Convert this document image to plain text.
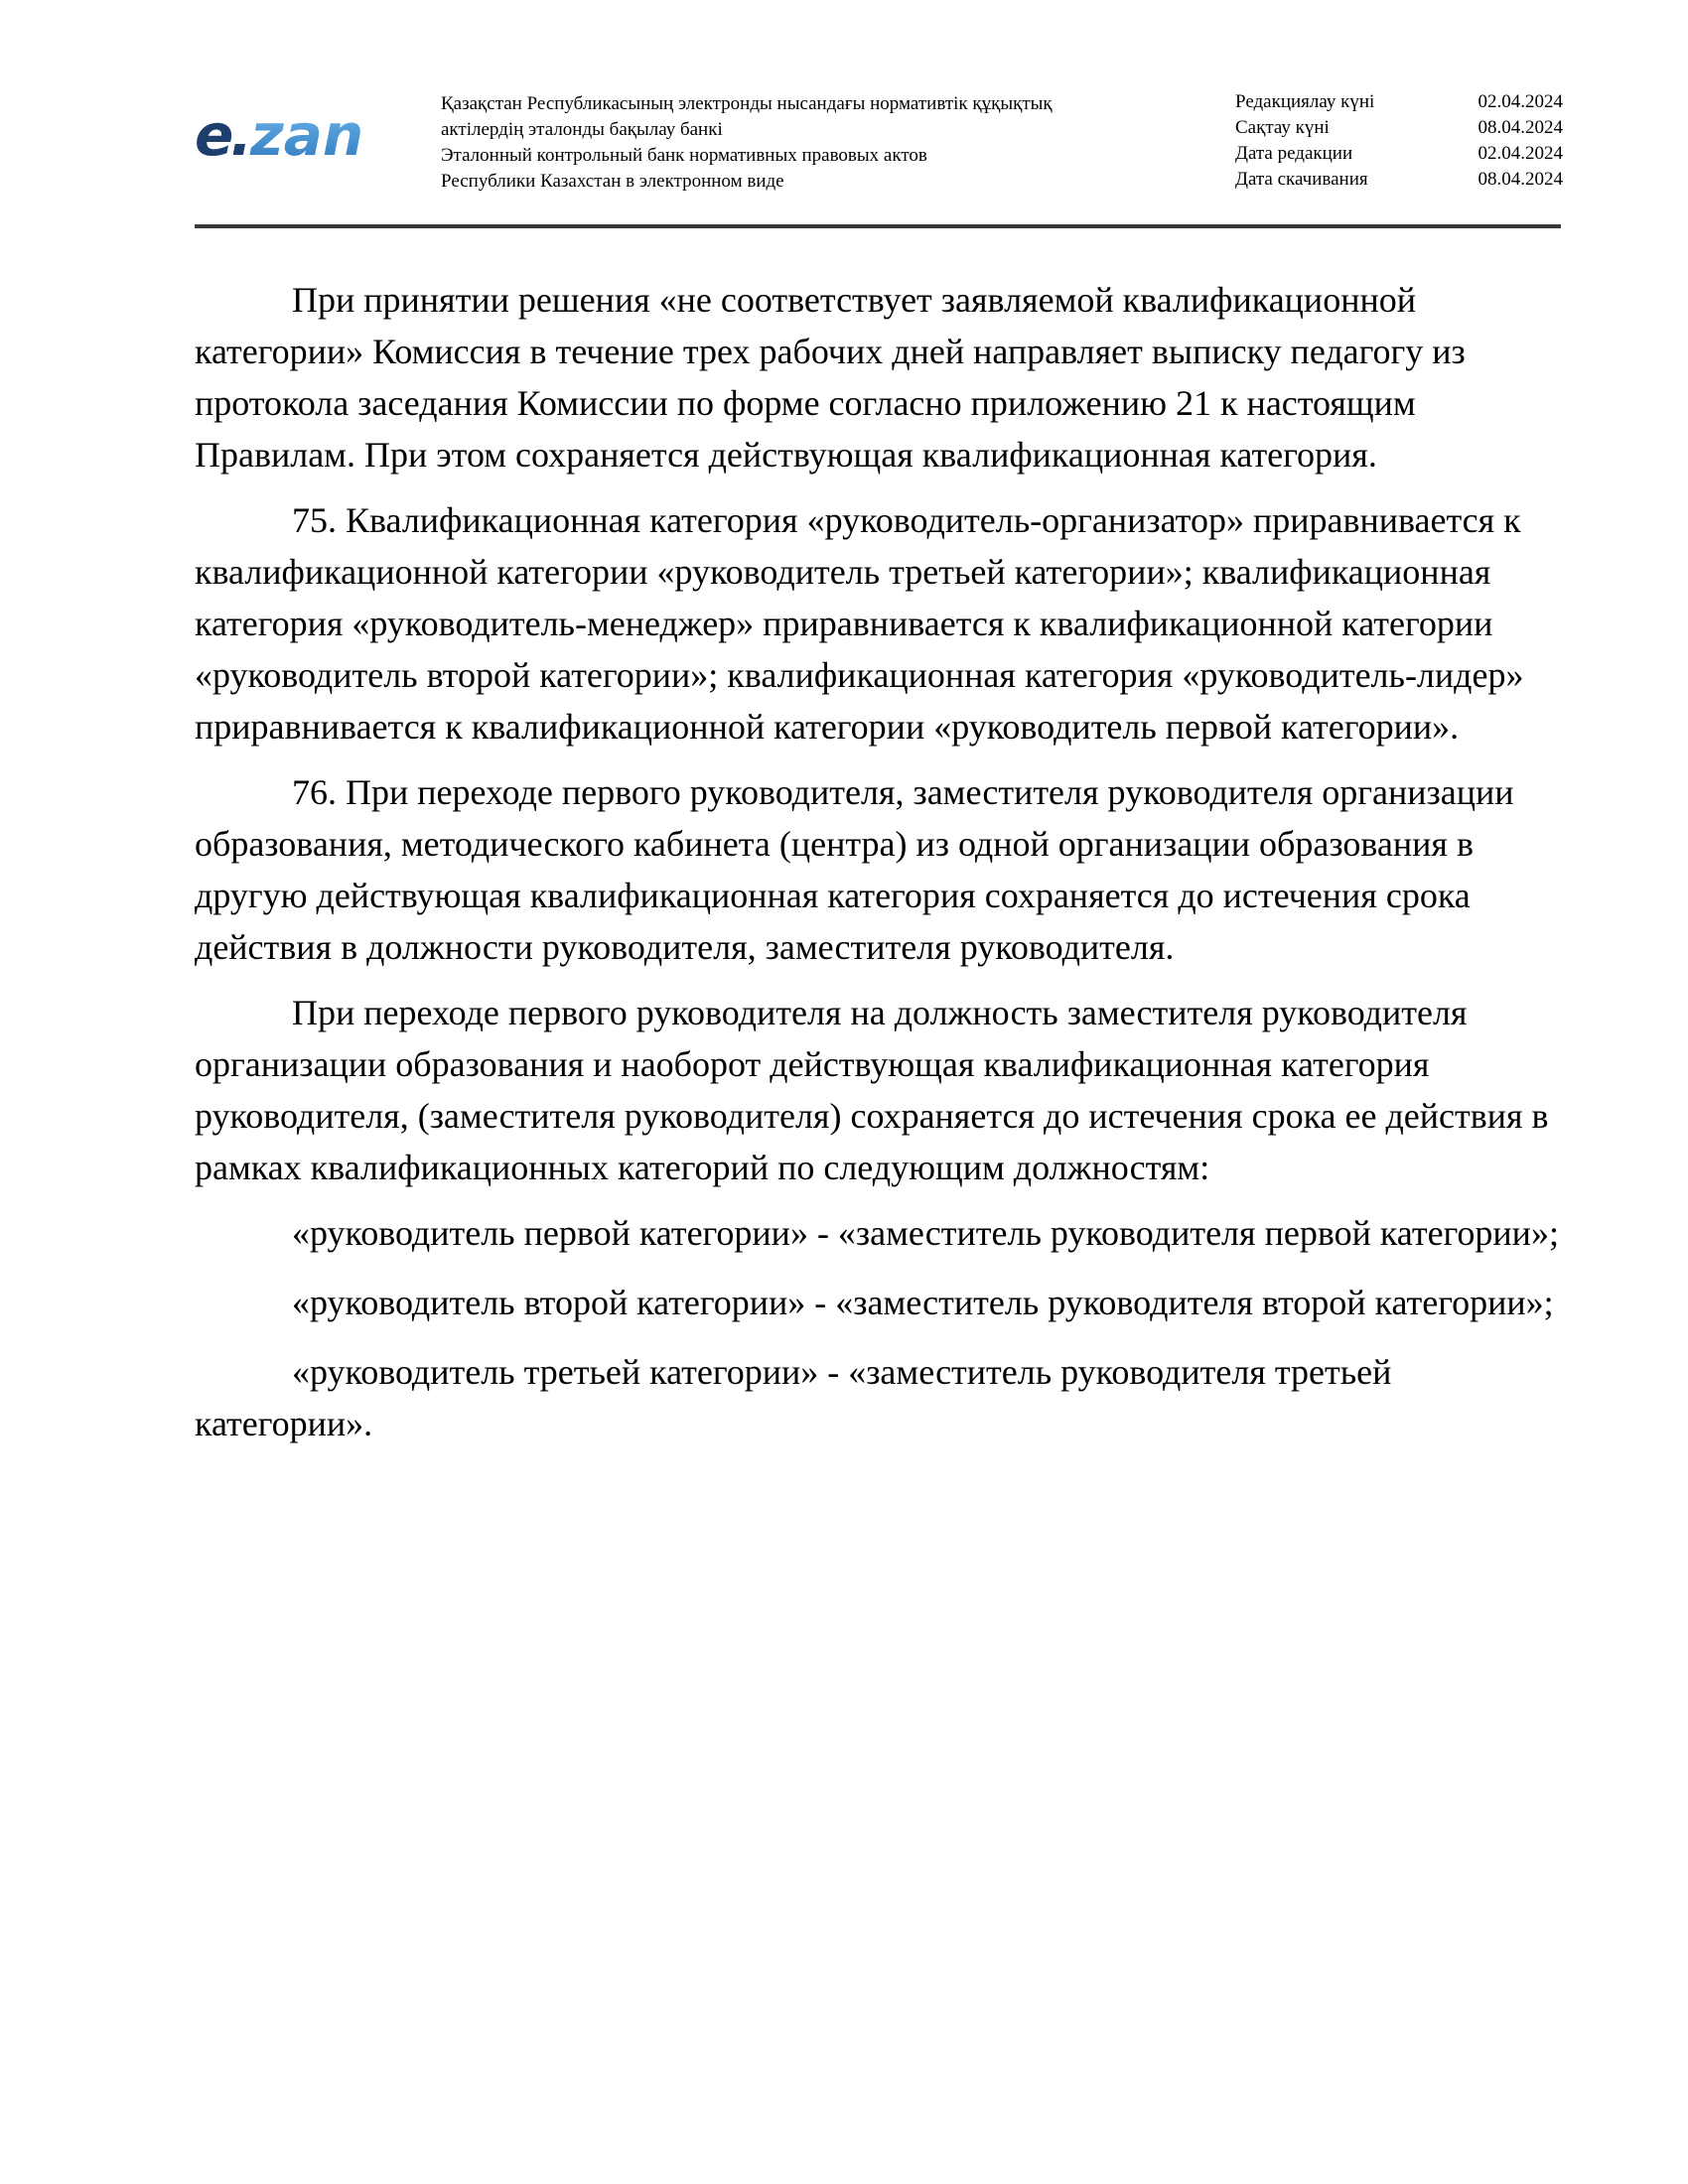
e
.
zan	Қазақстан Республикасының электронды нысандағы нормативтік құқықтық
актілердің эталонды бақылау банкі
Эталонный контрольный банк нормативных правовых актов
Республики Казахстан в электронном виде
Редакциялау күні	02.04.2024
Сақтау күні	08.04.2024
Дата редакции	02.04.2024
Дата скачивания	08.04.2024

При принятии решения «не соответствует заявляемой квалификационной категории» Комиссия в течение трех рабочих дней направляет выписку педагогу из протокола заседания Комиссии по форме согласно приложению 21 к настоящим Правилам. При этом сохраняется действующая квалификационная категория.

75. Квалификационная категория «руководитель-организатор» приравнивается к квалификационной категории «руководитель третьей категории»; квалификационная категория «руководитель-менеджер» приравнивается к квалификационной категории «руководитель второй категории»; квалификационная категория «руководитель-лидер» приравнивается к квалификационной категории «руководитель первой категории».

76. При переходе первого руководителя, заместителя руководителя организации образования, методического кабинета (центра) из одной организации образования в другую действующая квалификационная категория сохраняется до истечения срока действия в должности руководителя, заместителя руководителя.

При переходе первого руководителя на должность заместителя руководителя организации образования и наоборот действующая квалификационная категория руководителя, (заместителя руководителя) сохраняется до истечения срока ее действия в рамках квалификационных категорий по следующим должностям:

«руководитель первой категории» - «заместитель руководителя первой категории»;

«руководитель второй категории» - «заместитель руководителя второй категории»;

«руководитель третьей категории» - «заместитель руководителя третьей категории».
